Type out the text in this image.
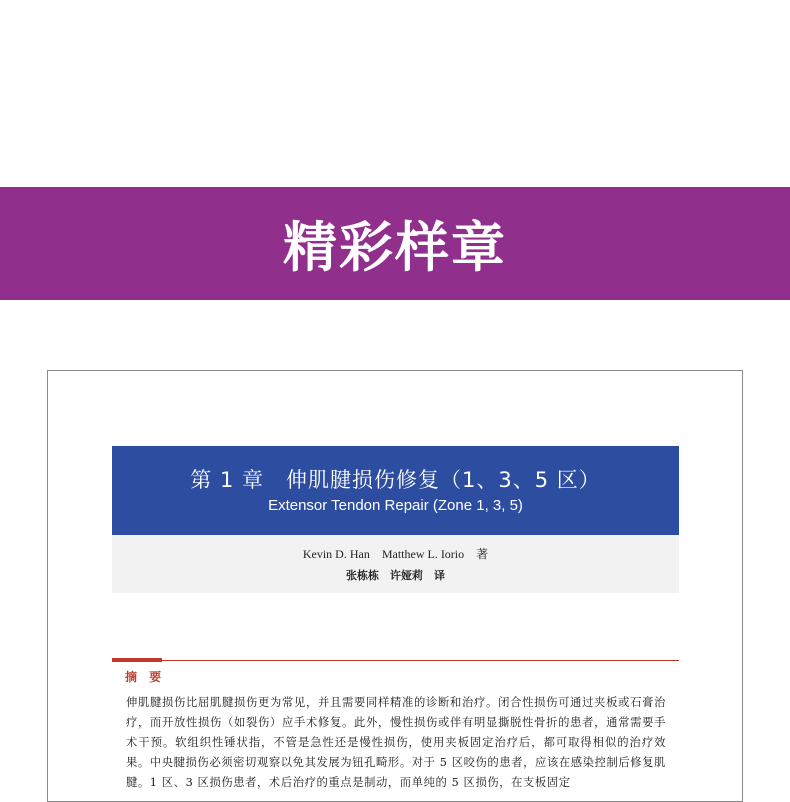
精彩样章
第 1 章　伸肌腱损伤修复（1、3、5 区）
Extensor Tendon Repair (Zone 1, 3, 5)
Kevin D. Han　Matthew L. Iorio　著
张栋栋　许娅莉　译
摘 要
伸肌腱损伤比屈肌腱损伤更为常见，并且需要同样精准的诊断和治疗。闭合性损伤可通过夹板或石膏治疗，而开放性损伤（如裂伤）应手术修复。此外，慢性损伤或伴有明显撕脱性骨折的患者，通常需要手术干预。软组织性锤状指，不管是急性还是慢性损伤，使用夹板固定治疗后，都可取得相似的治疗效果。中央腱损伤必须密切观察以免其发展为钮孔畸形。对于 5 区咬伤的患者，应该在感染控制后修复肌腱。1 区、3 区损伤患者，术后治疗的重点是制动，而单纯的 5 区损伤，在支板固定
